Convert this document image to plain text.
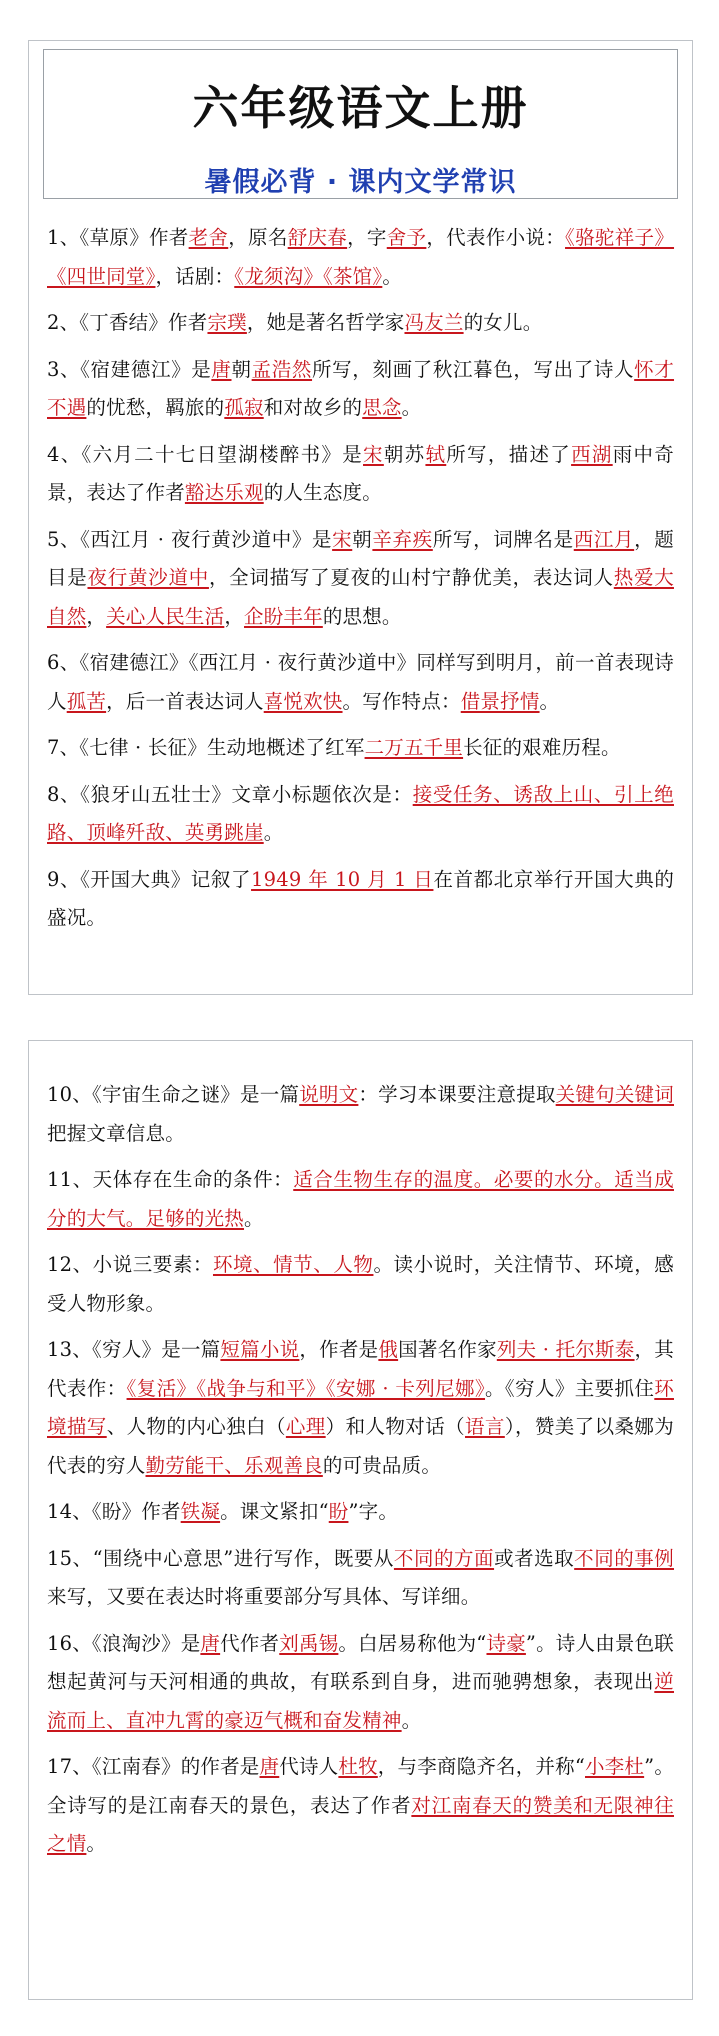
六年级语文上册
暑假必背 · 课内文学常识

1、《草原》作者老舍，原名舒庆春，字舍予，代表作小说：《骆驼祥子》《四世同堂》，话剧：《龙须沟》《茶馆》。

2、《丁香结》作者宗璞，她是著名哲学家冯友兰的女儿。

3、《宿建德江》是唐朝孟浩然所写，刻画了秋江暮色，写出了诗人怀才不遇的忧愁，羁旅的孤寂和对故乡的思念。

4、《六月二十七日望湖楼醉书》是宋朝苏轼所写，描述了西湖雨中奇景，表达了作者豁达乐观的人生态度。

5、《西江月 · 夜行黄沙道中》是宋朝辛弃疾所写，词牌名是西江月，题目是夜行黄沙道中，全词描写了夏夜的山村宁静优美，表达词人热爱大自然，关心人民生活，企盼丰年的思想。

6、《宿建德江》《西江月 · 夜行黄沙道中》同样写到明月，前一首表现诗人孤苦，后一首表达词人喜悦欢快。写作特点：借景抒情。

7、《七律 · 长征》生动地概述了红军二万五千里长征的艰难历程。

8、《狼牙山五壮士》文章小标题依次是：接受任务、诱敌上山、引上绝路、顶峰歼敌、英勇跳崖。

9、《开国大典》记叙了1949 年 10 月 1 日在首都北京举行开国大典的盛况。

10、《宇宙生命之谜》是一篇说明文：学习本课要注意提取关键句关键词把握文章信息。

11、天体存在生命的条件：适合生物生存的温度。必要的水分。适当成分的大气。足够的光热。

12、小说三要素：环境、情节、人物。读小说时，关注情节、环境，感受人物形象。

13、《穷人》是一篇短篇小说，作者是俄国著名作家列夫 · 托尔斯泰，其代表作：《复活》《战争与和平》《安娜 · 卡列尼娜》。《穷人》主要抓住环境描写、人物的内心独白（心理）和人物对话（语言），赞美了以桑娜为代表的穷人勤劳能干、乐观善良的可贵品质。

14、《盼》作者铁凝。课文紧扣“盼”字。

15、“围绕中心意思”进行写作，既要从不同的方面或者选取不同的事例来写，又要在表达时将重要部分写具体、写详细。

16、《浪淘沙》是唐代作者刘禹锡。白居易称他为“诗豪”。诗人由景色联想起黄河与天河相通的典故，有联系到自身，进而驰骋想象，表现出逆流而上、直冲九霄的豪迈气概和奋发精神。

17、《江南春》的作者是唐代诗人杜牧，与李商隐齐名，并称“小李杜”。全诗写的是江南春天的景色，表达了作者对江南春天的赞美和无限神往之情。
